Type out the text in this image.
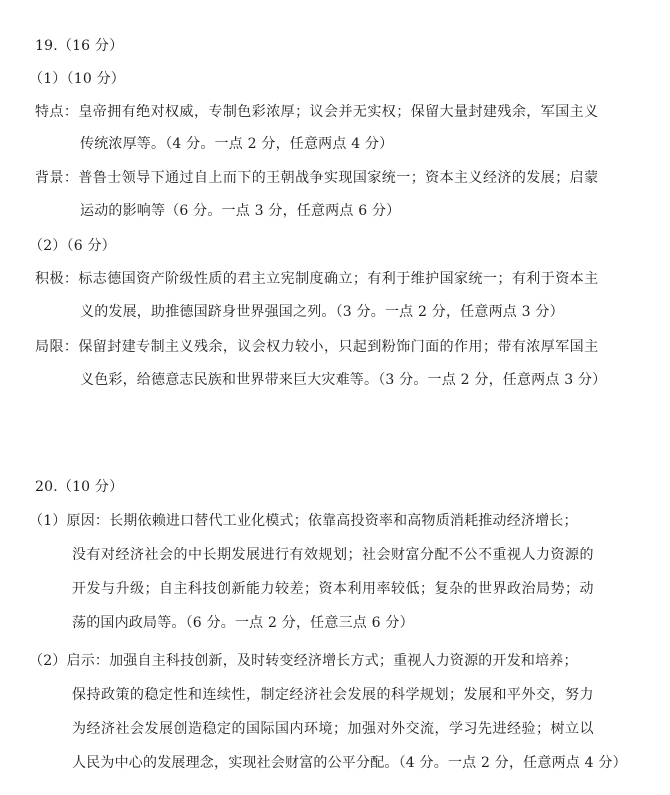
19.（16 分）
（1）（10 分）
特点：皇帝拥有绝对权威，专制色彩浓厚；议会并无实权；保留大量封建残余，军国主义
传统浓厚等。（4 分。一点 2 分，任意两点 4 分）
背景：普鲁士领导下通过自上而下的王朝战争实现国家统一；资本主义经济的发展；启蒙
运动的影响等（6 分。一点 3 分，任意两点 6 分）
（2）（6 分）
积极：标志德国资产阶级性质的君主立宪制度确立；有利于维护国家统一；有利于资本主
义的发展，助推德国跻身世界强国之列。（3 分。一点 2 分，任意两点 3 分）
局限：保留封建专制主义残余，议会权力较小，只起到粉饰门面的作用；带有浓厚军国主
义色彩，给德意志民族和世界带来巨大灾难等。（3 分。一点 2 分，任意两点 3 分）
20.（10 分）
（1）原因：长期依赖进口替代工业化模式；依靠高投资率和高物质消耗推动经济增长；
没有对经济社会的中长期发展进行有效规划；社会财富分配不公不重视人力资源的
开发与升级；自主科技创新能力较差；资本利用率较低；复杂的世界政治局势；动
荡的国内政局等。（6 分。一点 2 分，任意三点 6 分）
（2）启示：加强自主科技创新，及时转变经济增长方式；重视人力资源的开发和培养；
保持政策的稳定性和连续性，制定经济社会发展的科学规划；发展和平外交，努力
为经济社会发展创造稳定的国际国内环境；加强对外交流，学习先进经验；树立以
人民为中心的发展理念，实现社会财富的公平分配。（4 分。一点 2 分，任意两点 4 分）
